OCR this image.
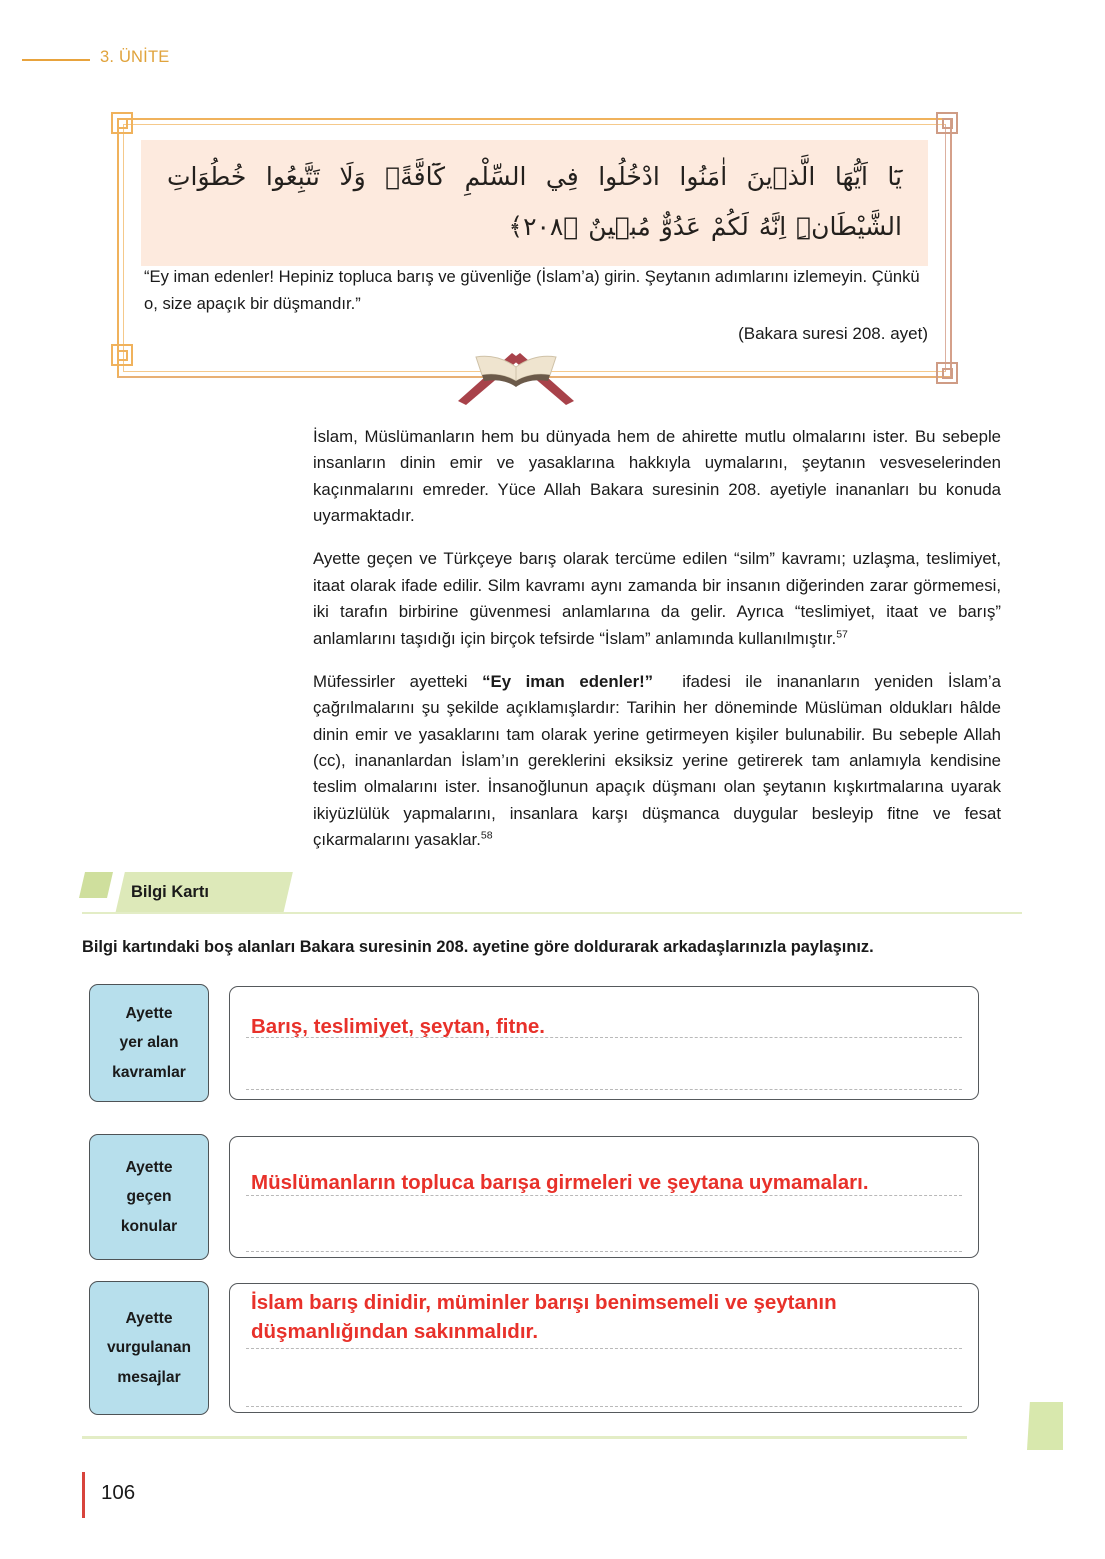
3. ÜNİTE
يَٓا اَيُّهَا الَّذ۪ينَ اٰمَنُوا ادْخُلُوا فِي السِّلْمِ كَٓافَّةًۖ وَلَا تَتَّبِعُوا خُطُوَاتِ الشَّيْطَانِۜ اِنَّهُ لَكُمْ عَدُوٌّ مُب۪ينٌ ﴿٢٠٨﴾
“Ey iman edenler! Hepiniz topluca barış ve güvenliğe (İslam’a) girin. Şeytanın adımlarını izlemeyin. Çünkü o, size apaçık bir düşmandır.”
(Bakara suresi 208. ayet)

İslam, Müslümanların hem bu dünyada hem de ahirette mutlu olmalarını ister. Bu sebeple insanların dinin emir ve yasaklarına hakkıyla uymalarını, şeytanın vesveselerinden kaçınmalarını emreder. Yüce Allah Bakara suresinin 208. ayetiyle inananları bu konuda uyarmaktadır.

Ayette geçen ve Türkçeye barış olarak tercüme edilen “silm” kavramı; uzlaşma, teslimiyet, itaat olarak ifade edilir. Silm kavramı aynı zamanda bir insanın diğerinden zarar görmemesi, iki tarafın birbirine güvenmesi anlamlarına da gelir. Ayrıca “teslimiyet, itaat ve barış” anlamlarını taşıdığı için birçok tefsirde “İslam” anlamında kullanılmıştır.$^{57}$

Müfessirler ayetteki “Ey iman edenler!”  ifadesi ile inananların yeniden İslam’a çağrılmalarını şu şekilde açıklamışlardır: Tarihin her döneminde Müslüman oldukları hâlde dinin emir ve yasaklarını tam olarak yerine getirmeyen kişiler bulunabilir. Bu sebeple Allah (cc), inananlardan İslam’ın gereklerini eksiksiz yerine getirerek tam anlamıyla kendisine teslim olmalarını ister. İnsanoğlunun apaçık düşmanı olan şeytanın kışkırtmalarına uyarak ikiyüzlülük yapmalarını, insanlara karşı düşmanca duygular besleyip fitne ve fesat çıkarmalarını yasaklar.$^{58}$

Bilgi Kartı
Bilgi kartındaki boş alanları Bakara suresinin 208. ayetine göre doldurarak arkadaşlarınızla paylaşınız.
Barış, teslimiyet, şeytan, fitne.
Ayette
yer alan
kavramlar
Müslümanların topluca barışa girmeleri ve şeytana uymamaları.
Ayette
geçen
konular
İslam barış dinidir, müminler barışı benimsemeli ve şeytanın düşmanlığından sakınmalıdır.
Ayette
vurgulanan
mesajlar
106
